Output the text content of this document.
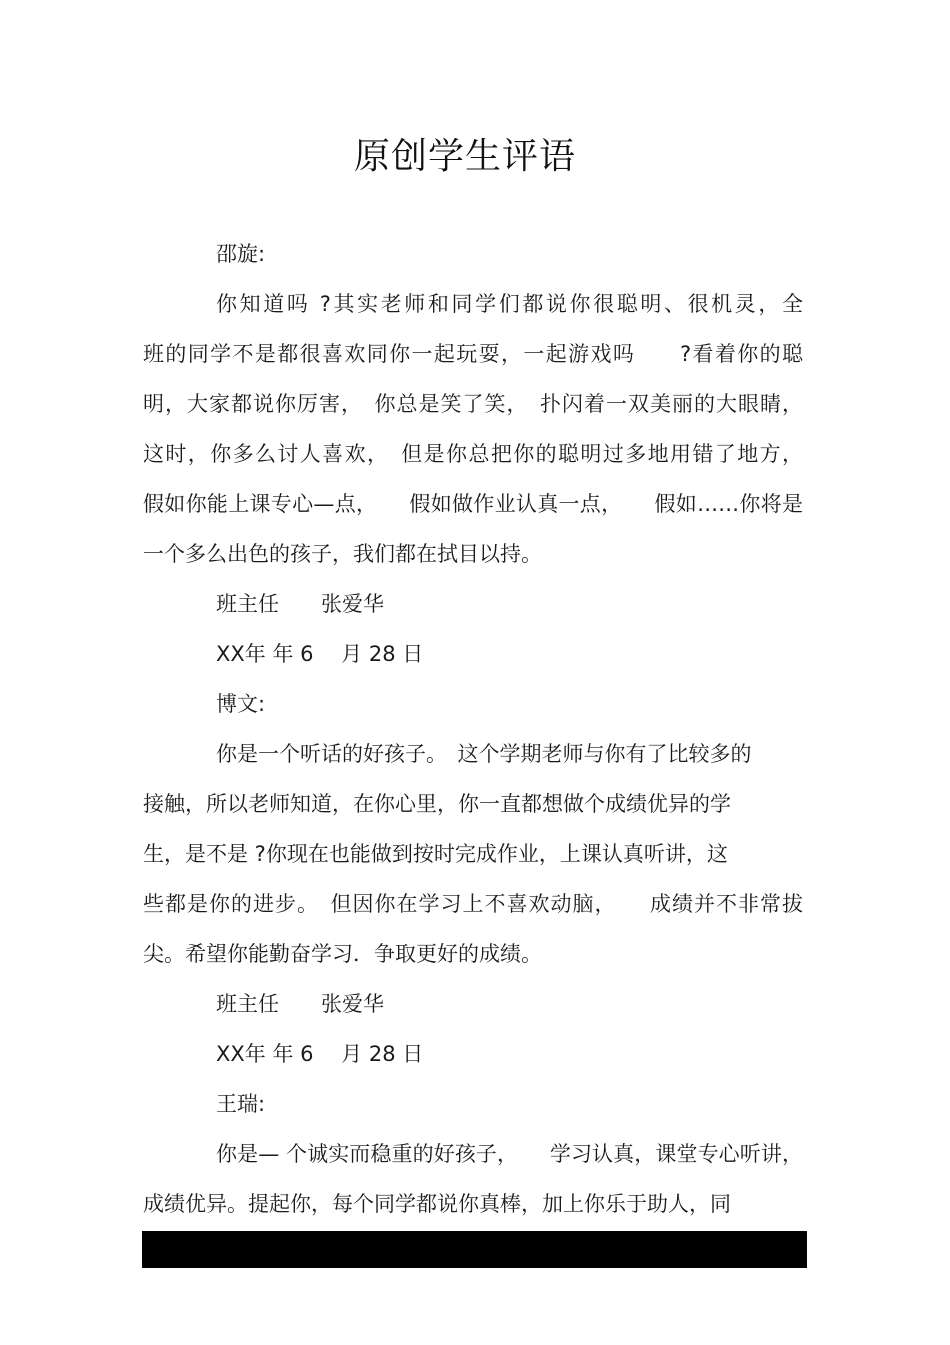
原创学生评语
邵旋:
你知道吗 ?其实老师和同学们都说你很聪明、很机灵，全
班的同学不是都很喜欢同你一起玩耍，一起游戏吗　　?看着你的聪
明，大家都说你厉害，　你总是笑了笑，　扑闪着一双美丽的大眼睛，
这时，你多么讨人喜欢，　但是你总把你的聪明过多地用错了地方，
假如你能上课专心—点，　　假如做作业认真一点，　　假如……你将是
一个多么出色的孩子，我们都在拭目以持。
班主任 张爱华
XX年 年 6　 月 28 日
博文:
你是一个听话的好孩子。　这个学期老师与你有了比较多的
接触，所以老师知道，在你心里，你一直都想做个成绩优异的学
生，是不是 ?你现在也能做到按时完成作业，上课认真听讲，这
些都是你的进步。　但因你在学习上不喜欢动脑，　　成绩并不非常拔
尖。希望你能勤奋学习．争取更好的成绩。
班主任 张爱华
XX年 年 6　 月 28 日
王瑞:
你是— 个诚实而稳重的好孩子，　　学习认真，课堂专心听讲，
成绩优异。提起你，每个同学都说你真棒，加上你乐于助人，同
